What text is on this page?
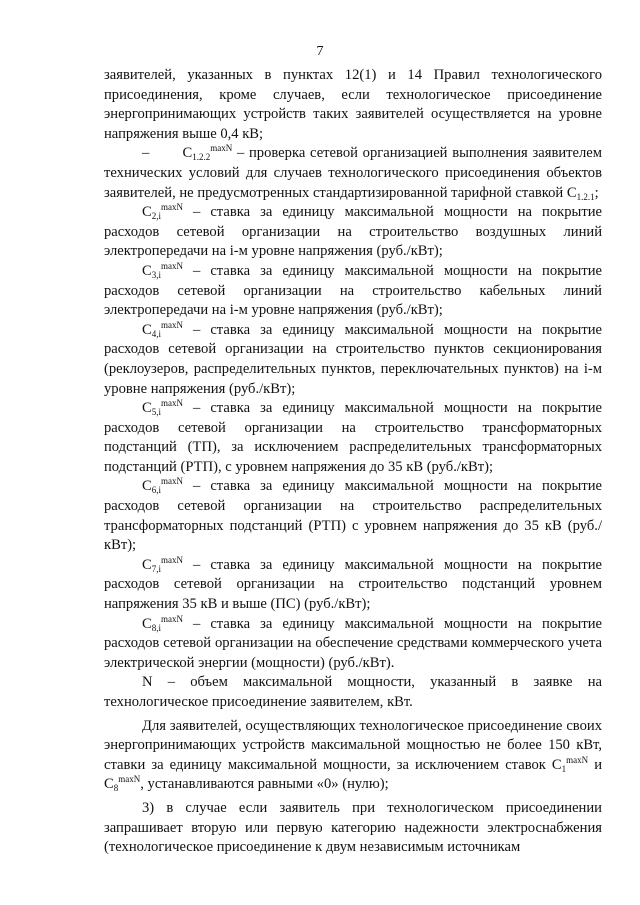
7

заявителей, указанных в пунктах 12(1) и 14 Правил технологического присоединения, кроме случаев, если технологическое присоединение энергопринимающих устройств таких заявителей осуществляется на уровне напряжения выше 0,4 кВ;

– $C_{1.2.2}^{maxN}$ – проверка сетевой организацией выполнения заявителем технических условий для случаев технологического присоединения объектов заявителей, не предусмотренных стандартизированной тарифной ставкой $C_{1.2.1}$;

$C_{2,i}^{maxN}$ – ставка за единицу максимальной мощности на покрытие расходов сетевой организации на строительство воздушных линий электропередачи на i-м уровне напряжения (руб./кВт);

$C_{3,i}^{maxN}$ – ставка за единицу максимальной мощности на покрытие расходов сетевой организации на строительство кабельных линий электропередачи на i-м уровне напряжения (руб./кВт);

$C_{4,i}^{maxN}$ – ставка за единицу максимальной мощности на покрытие расходов сетевой организации на строительство пунктов секционирования (реклоузеров, распределительных пунктов, переключательных пунктов) на i-м уровне напряжения (руб./кВт);

$C_{5,i}^{maxN}$ – ставка за единицу максимальной мощности на покрытие расходов сетевой организации на строительство трансформаторных подстанций (ТП), за исключением распределительных трансформаторных подстанций (РТП), с уровнем напряжения до 35 кВ (руб./кВт);

$C_{6,i}^{maxN}$ – ставка за единицу максимальной мощности на покрытие расходов сетевой организации на строительство распределительных трансформаторных подстанций (РТП) с уровнем напряжения до 35 кВ (руб./кВт);

$C_{7,i}^{maxN}$ – ставка за единицу максимальной мощности на покрытие расходов сетевой организации на строительство подстанций уровнем напряжения 35 кВ и выше (ПС) (руб./кВт);

$C_{8,i}^{maxN}$ – ставка за единицу максимальной мощности на покрытие расходов сетевой организации на обеспечение средствами коммерческого учета электрической энергии (мощности) (руб./кВт).

N – объем максимальной мощности, указанный в заявке на технологическое присоединение заявителем, кВт.

Для заявителей, осуществляющих технологическое присоединение своих энергопринимающих устройств максимальной мощностью не более 150 кВт, ставки за единицу максимальной мощности, за исключением ставок $C_1^{maxN}$ и $C_8^{maxN}$, устанавливаются равными «0» (нулю);

3) в случае если заявитель при технологическом присоединении запрашивает вторую или первую категорию надежности электроснабжения (технологическое присоединение к двум независимым источникам
